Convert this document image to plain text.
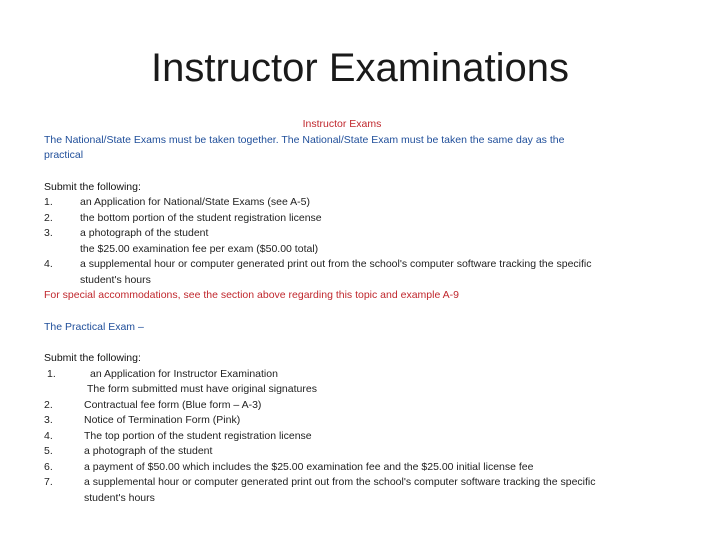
Instructor Examinations
Instructor Exams
The National/State Exams must be taken together. The National/State Exam must be taken the same day as the practical
Submit the following:
1.	an Application for National/State Exams (see A-5)
2.	the bottom portion of the student registration license
3.	a photograph of the student
the $25.00 examination fee per exam ($50.00 total)
4.	a supplemental hour or computer generated print out from the school's computer software tracking the specific student's hours
For special accommodations, see the section above regarding this topic and example A-9
The Practical Exam –
Submit the following:
1.	an Application for Instructor Examination
The form submitted must have original signatures
2.	Contractual fee form (Blue form – A-3)
3.	Notice of Termination Form (Pink)
4.	The top portion of the student registration license
5.	a photograph of the student
6.	a payment of $50.00 which includes the $25.00 examination fee and the $25.00 initial license fee
7.	a supplemental hour or computer generated print out from the school's computer software tracking the specific student's hours
